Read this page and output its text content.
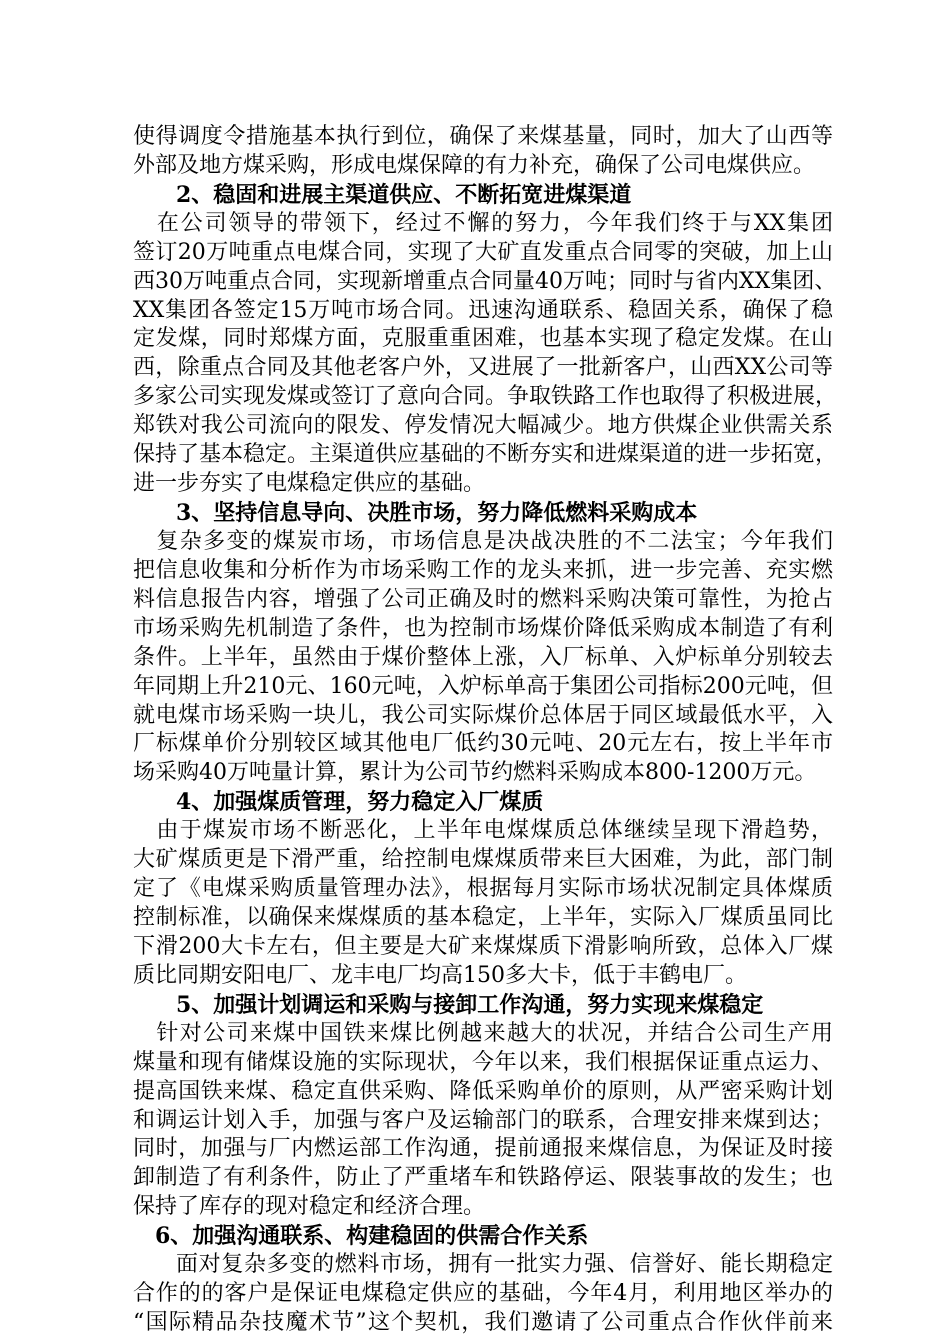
使得调度令措施基本执行到位，确保了来煤基量，同时，加大了山西等
外部及地方煤采购，形成电煤保障的有力补充，确保了公司电煤供应。
2、稳固和进展主渠道供应、不断拓宽进煤渠道
　在公司领导的带领下，经过不懈的努力，今年我们终于与XX集团
签订20万吨重点电煤合同，实现了大矿直发重点合同零的突破，加上山
西30万吨重点合同，实现新增重点合同量40万吨；同时与省内XX集团、
XX集团各签定15万吨市场合同。迅速沟通联系、稳固关系，确保了稳
定发煤，同时郑煤方面，克服重重困难，也基本实现了稳定发煤。在山
西，除重点合同及其他老客户外，又进展了一批新客户，山西XX公司等
多家公司实现发煤或签订了意向合同。争取铁路工作也取得了积极进展，
郑铁对我公司流向的限发、停发情况大幅减少。地方供煤企业供需关系
保持了基本稳定。主渠道供应基础的不断夯实和进煤渠道的进一步拓宽，
进一步夯实了电煤稳定供应的基础。
3、坚持信息导向、决胜市场，努力降低燃料采购成本
　复杂多变的煤炭市场，市场信息是决战决胜的不二法宝；今年我们
把信息收集和分析作为市场采购工作的龙头来抓，进一步完善、充实燃
料信息报告内容，增强了公司正确及时的燃料采购决策可靠性，为抢占
市场采购先机制造了条件，也为控制市场煤价降低采购成本制造了有利
条件。上半年，虽然由于煤价整体上涨，入厂标单、入炉标单分别较去
年同期上升210元、160元吨，入炉标单高于集团公司指标200元吨，但
就电煤市场采购一块儿，我公司实际煤价总体居于同区域最低水平，入
厂标煤单价分别较区域其他电厂低约30元吨、20元左右，按上半年市
场采购40万吨量计算，累计为公司节约燃料采购成本800-1200万元。
4、加强煤质管理，努力稳定入厂煤质
　由于煤炭市场不断恶化，上半年电煤煤质总体继续呈现下滑趋势，
大矿煤质更是下滑严重，给控制电煤煤质带来巨大困难，为此，部门制
定了《电煤采购质量管理办法》，根据每月实际市场状况制定具体煤质
控制标准，以确保来煤煤质的基本稳定，上半年，实际入厂煤质虽同比
下滑200大卡左右，但主要是大矿来煤煤质下滑影响所致，总体入厂煤
质比同期安阳电厂、龙丰电厂均高150多大卡，低于丰鹤电厂。
5、加强计划调运和采购与接卸工作沟通，努力实现来煤稳定
　针对公司来煤中国铁来煤比例越来越大的状况，并结合公司生产用
煤量和现有储煤设施的实际现状，今年以来，我们根据保证重点运力、
提高国铁来煤、稳定直供采购、降低采购单价的原则，从严密采购计划
和调运计划入手，加强与客户及运输部门的联系，合理安排来煤到达；
同时，加强与厂内燃运部工作沟通，提前通报来煤信息，为保证及时接
卸制造了有利条件，防止了严重堵车和铁路停运、限装事故的发生；也
保持了库存的现对稳定和经济合理。
6、加强沟通联系、构建稳固的供需合作关系
面对复杂多变的燃料市场，拥有一批实力强、信誉好、能长期稳定
合作的的客户是保证电煤稳定供应的基础，今年4月，利用地区举办的
“国际精品杂技魔术节”这个契机，我们邀请了公司重点合作伙伴前来
